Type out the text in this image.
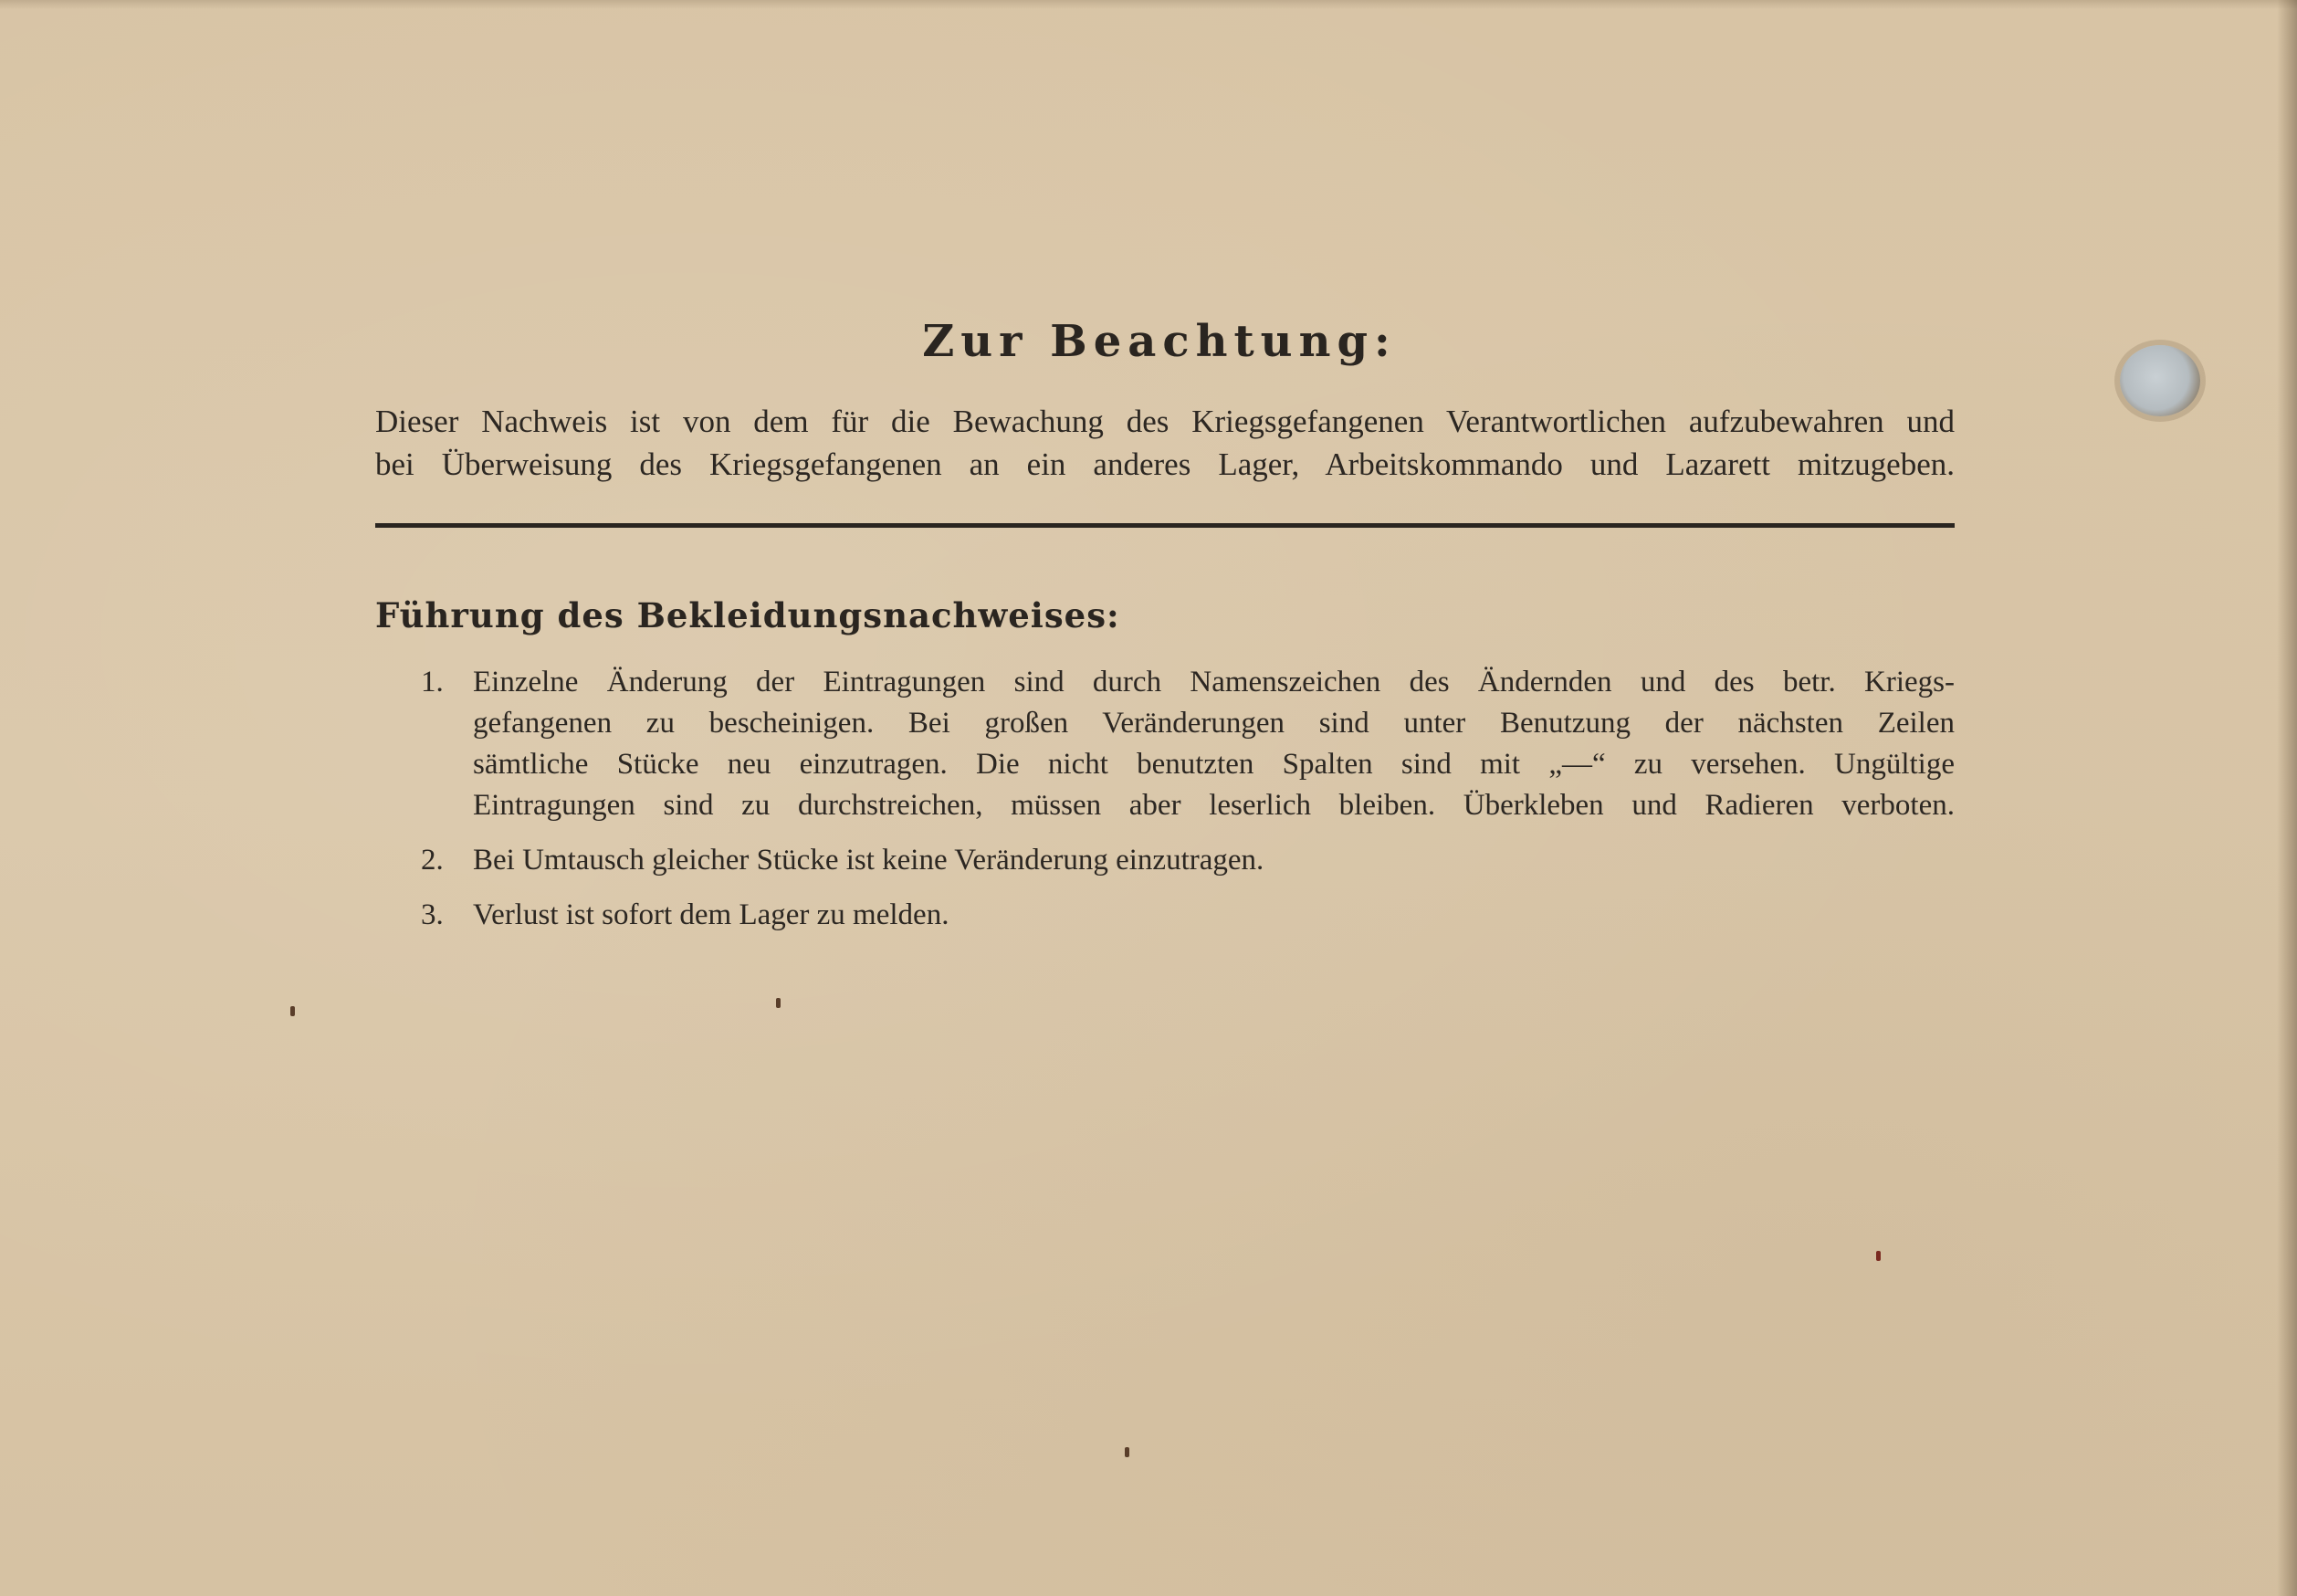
Zur Beachtung:
Dieser Nachweis ist von dem für die Bewachung des Kriegsgefangenen Verantwortlichen aufzubewahren und
bei Überweisung des Kriegsgefangenen an ein anderes Lager, Arbeitskommando und Lazarett mitzugeben.
Führung des Bekleidungsnachweises:
1. Einzelne Änderung der Eintragungen sind durch Namenszeichen des Ändernden und des betr. Kriegs-
gefangenen zu bescheinigen. Bei großen Veränderungen sind unter Benutzung der nächsten Zeilen
sämtliche Stücke neu einzutragen. Die nicht benutzten Spalten sind mit „—“ zu versehen. Ungültige
Eintragungen sind zu durchstreichen, müssen aber leserlich bleiben. Überkleben und Radieren verboten.
2. Bei Umtausch gleicher Stücke ist keine Veränderung einzutragen.
3. Verlust ist sofort dem Lager zu melden.
